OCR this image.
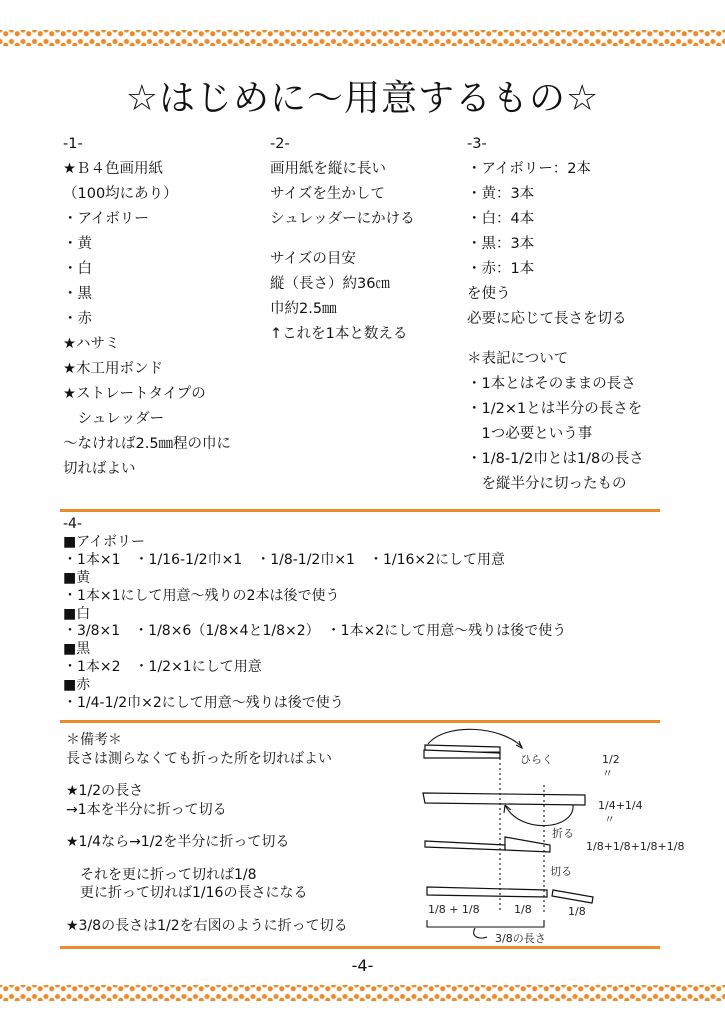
☆はじめに～用意するもの☆
-1-
★Ｂ４色画用紙
（100均にあり）
・アイボリー
・黄
・白
・黒
・赤
★ハサミ
★木工用ボンド
★ストレートタイプの
　シュレッダー
～なければ2.5㎜程の巾に
切ればよい
-2-
画用紙を縦に長い
サイズを生かして
シュレッダーにかける
サイズの目安
縦（長さ）約36㎝
巾約2.5㎜
↑これを1本と数える
-3-
・アイボリー：2本
・黄：3本
・白：4本
・黒：3本
・赤：1本
を使う
必要に応じて長さを切る
＊表記について
・1本とはそのままの長さ
・1/2×1とは半分の長さを
　1つ必要という事
・1/8-1/2巾とは1/8の長さ
　を縦半分に切ったもの
-4-
■アイボリー
・1本×1　・1/16-1/2巾×1　・1/8-1/2巾×1　・1/16×2にして用意
■黄
・1本×1にして用意～残りの2本は後で使う
■白
・3/8×1　・1/8×6（1/8×4と1/8×2）　・1本×2にして用意～残りは後で使う
■黒
・1本×2　・1/2×1にして用意
■赤
・1/4-1/2巾×2にして用意～残りは後で使う
＊備考＊
長さは測らなくても折った所を切ればよい
★1/2の長さ
→1本を半分に折って切る
★1/4なら→1/2を半分に折って切る
　それを更に折って切れば1/8
　更に折って切れば1/16の長さになる
★3/8の長さは1/2を右図のように折って切る
ひらく	1/2
〃
1/4+1/4
〃
折る
1/8+1/8+1/8+1/8
切る
1/8 + 1/8	1/8	1/8
3/8の長さ
-4-
